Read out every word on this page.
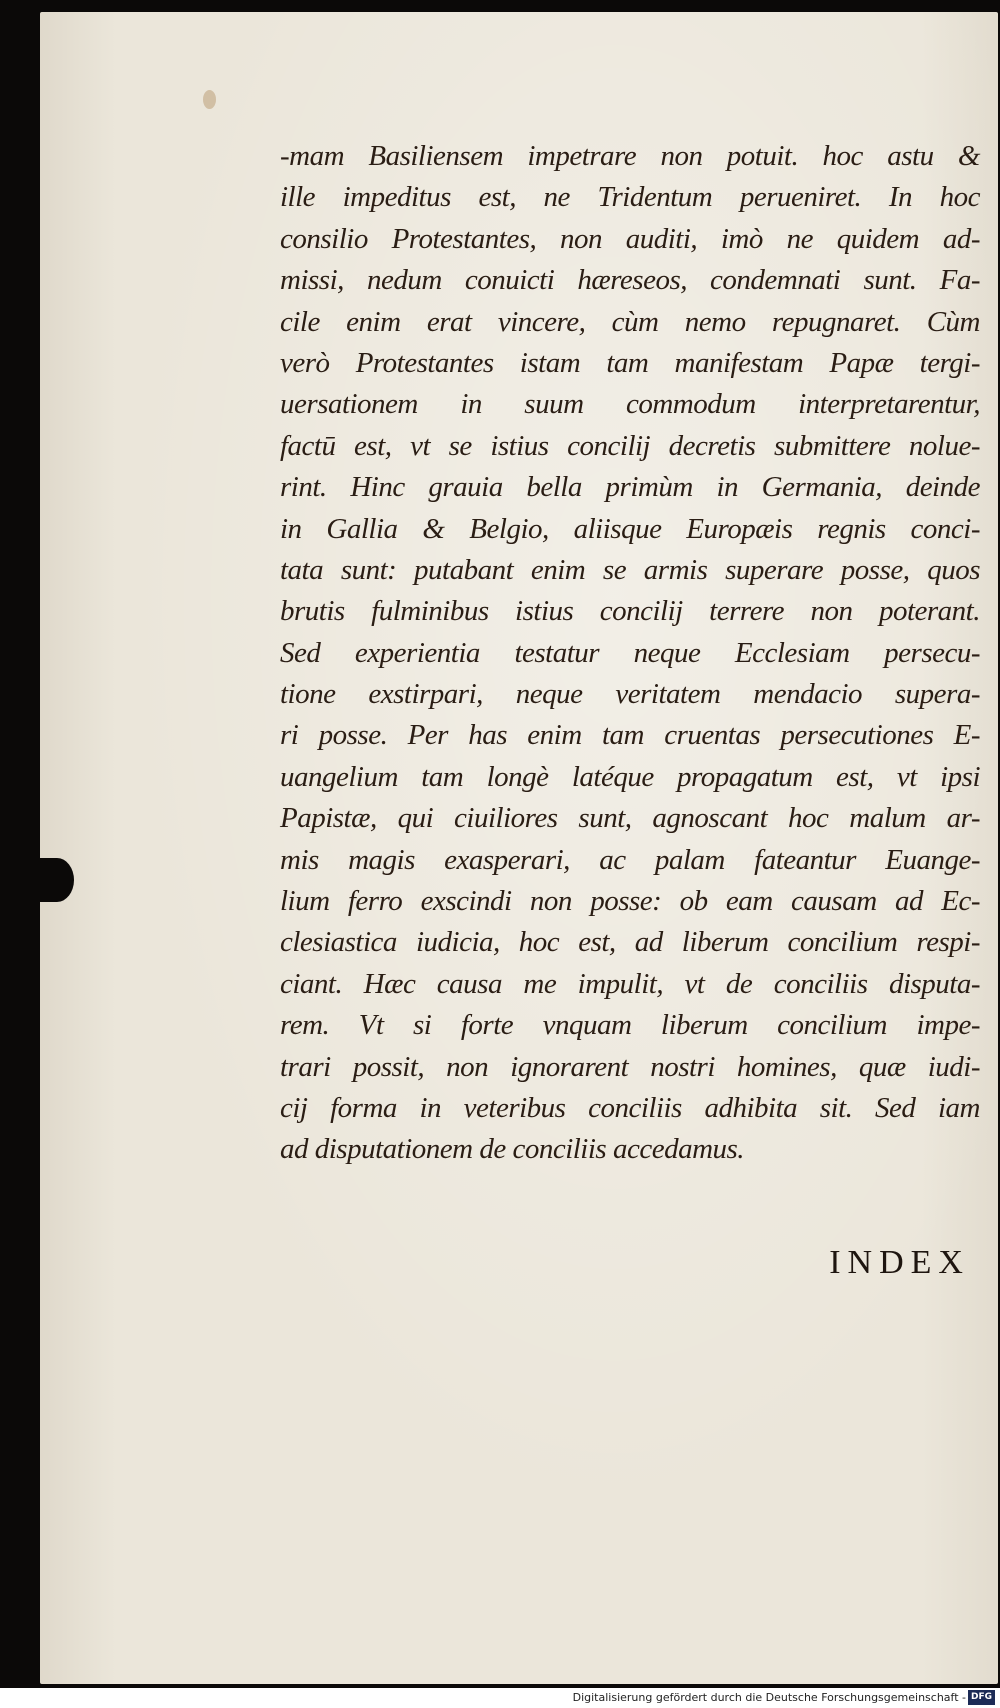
-mam Basiliensem impetrare non potuit. hoc astu &
ille impeditus est, ne Tridentum perueniret. In hoc
consilio Protestantes, non auditi, imò ne quidem ad-
missi, nedum conuicti hæreseos, condemnati sunt. Fa-
cile enim erat vincere, cùm nemo repugnaret. Cùm
verò Protestantes istam tam manifestam Papæ tergi-
uersationem in suum commodum interpretarentur,
factū est, vt se istius concilij decretis submittere nolue-
rint. Hinc grauia bella primùm in Germania, deinde
in Gallia & Belgio, aliisque Europæis regnis conci-
tata sunt: putabant enim se armis superare posse, quos
brutis fulminibus istius concilij terrere non poterant.
Sed experientia testatur neque Ecclesiam persecu-
tione exstirpari, neque veritatem mendacio supera-
ri posse. Per has enim tam cruentas persecutiones E-
uangelium tam longè latéque propagatum est, vt ipsi
Papistæ, qui ciuiliores sunt, agnoscant hoc malum ar-
mis magis exasperari, ac palam fateantur Euange-
lium ferro exscindi non posse: ob eam causam ad Ec-
clesiastica iudicia, hoc est, ad liberum concilium respi-
ciant. Hæc causa me impulit, vt de conciliis disputa-
rem. Vt si forte vnquam liberum concilium impe-
trari possit, non ignorarent nostri homines, quæ iudi-
cij forma in veteribus conciliis adhibita sit. Sed iam
ad disputationem de conciliis accedamus.
INDEX
Digitalisierung gefördert durch die Deutsche Forschungsgemeinschaft - DFG
